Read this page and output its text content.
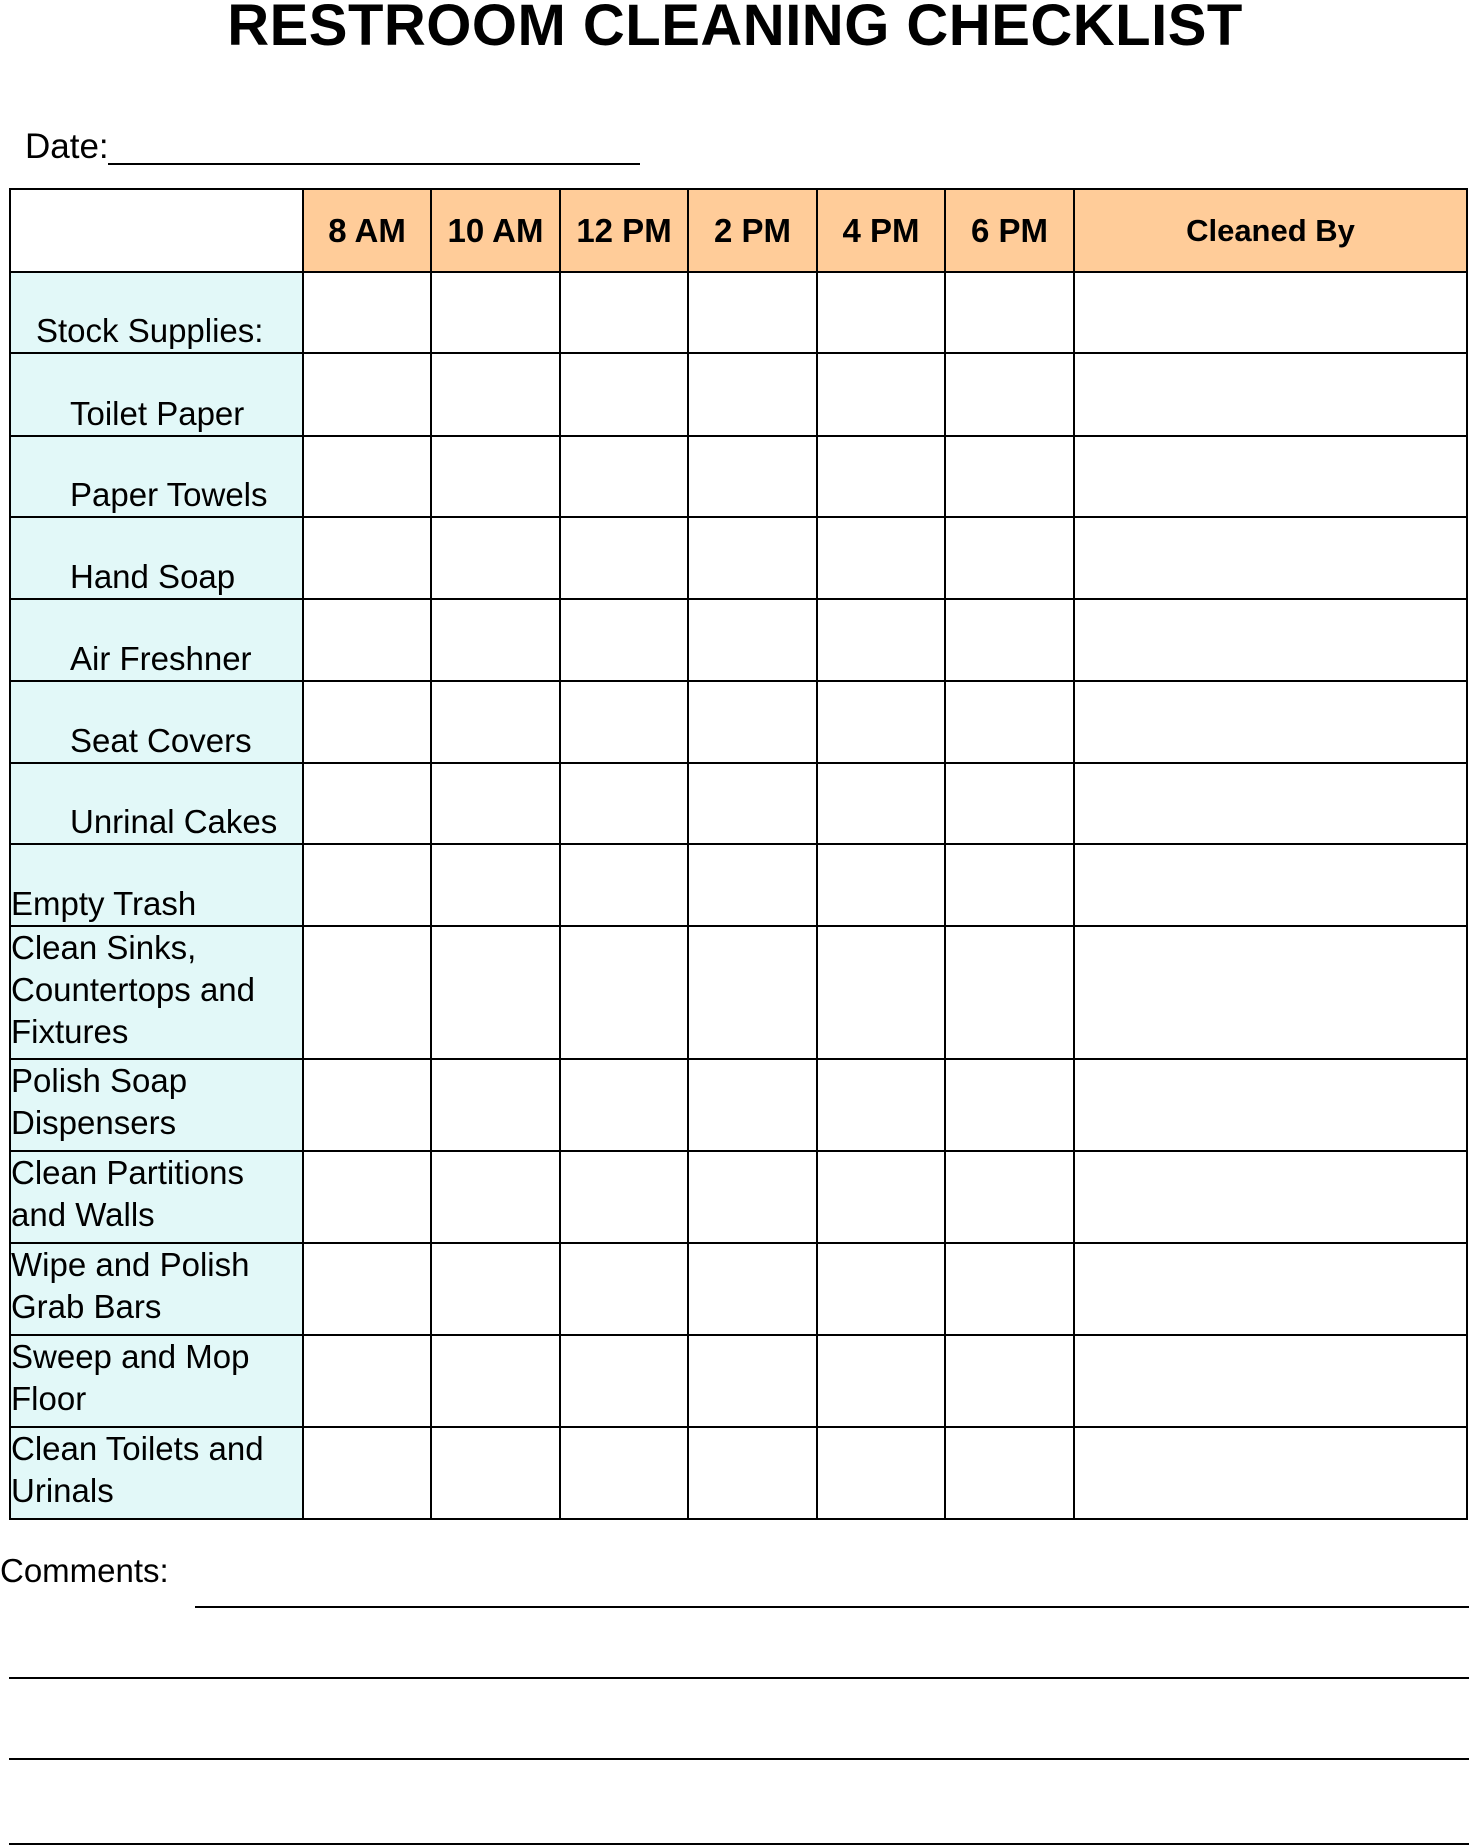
RESTROOM CLEANING CHECKLIST
Date:
	8 AM	10 AM	12 PM	2 PM	4 PM	6 PM	Cleaned By
Stock Supplies:							
Toilet Paper							
Paper Towels							
Hand Soap							
Air Freshner							
Seat Covers							
Unrinal Cakes							
Empty Trash							
Clean Sinks, Countertops and Fixtures							
Polish Soap Dispensers							
Clean Partitions and Walls							
Wipe and Polish Grab Bars							
Sweep and Mop Floor							
Clean Toilets and Urinals							
Comments:
